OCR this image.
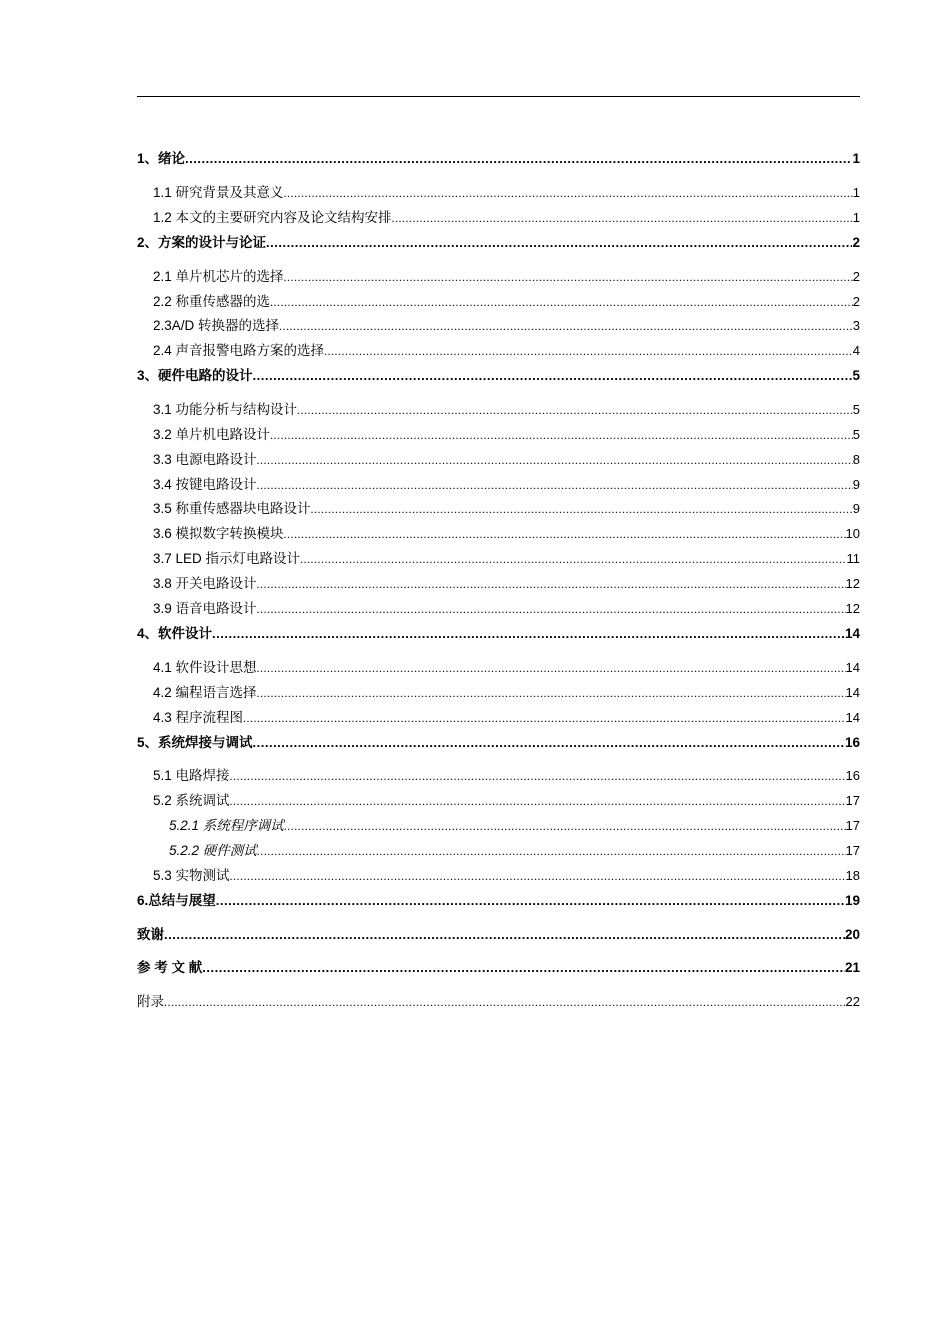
1、绪论 .....	1
1.1 研究背景及其意义 .....	1
1.2 本文的主要研究内容及论文结构安排 .....	1
2、方案的设计与论证 .....	2
2.1 单片机芯片的选择 .....	2
2.2 称重传感器的选 .....	2
2.3A/D 转换器的选择 .....	3
2.4 声音报警电路方案的选择 .....	4
3、硬件电路的设计 .....	5
3.1 功能分析与结构设计 .....	5
3.2 单片机电路设计 .....	5
3.3 电源电路设计 .....	8
3.4 按键电路设计 .....	9
3.5 称重传感器块电路设计 .....	9
3.6 模拟数字转换模块 .....	10
3.7 LED 指示灯电路设计 .....	11
3.8 开关电路设计 .....	12
3.9 语音电路设计 .....	12
4、软件设计 .....	14
4.1 软件设计思想 .....	14
4.2 编程语言选择 .....	14
4.3 程序流程图 .....	14
5、系统焊接与调试 .....	16
5.1 电路焊接 .....	16
5.2 系统调试 .....	17
5.2.1 系统程序调试 .....	17
5.2.2 硬件测试 .....	17
5.3 实物测试 .....	18
6.总结与展望 .....	19
致谢 .....	20
参 考 文 献 .....	21
附录 .....	22
